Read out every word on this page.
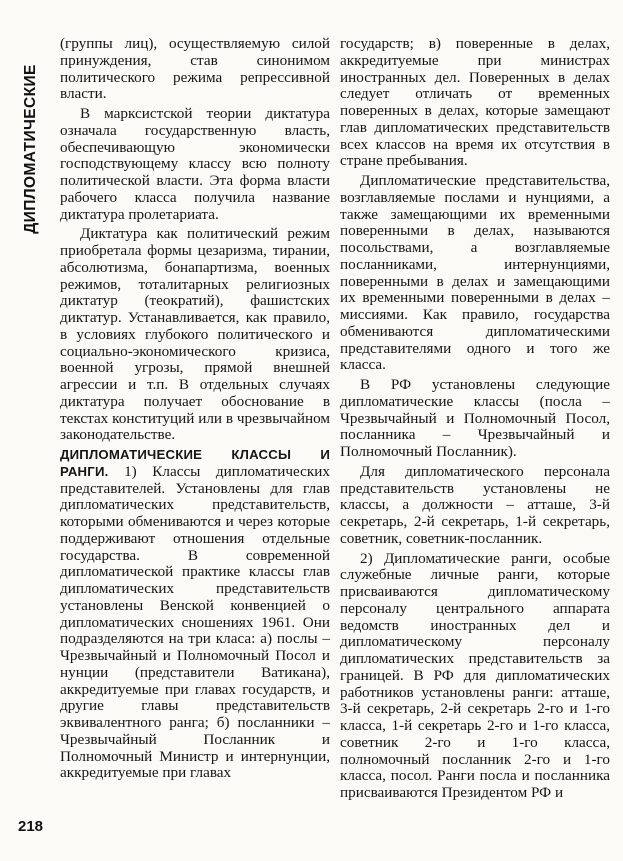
ДИПЛОМАТИЧЕСКИЕ

(группы лиц), осуществляемую силой принуждения, став синонимом политического режима репрессивной власти.

В марксистской теории диктатура означала государственную власть, обеспечивающую экономически господствующему классу всю полноту политической власти. Эта форма власти рабочего класса получила название диктатура пролетариата.

Диктатура как политический режим приобретала формы цезаризма, тирании, абсолютизма, бонапартизма, военных режимов, тоталитарных религиозных диктатур (теократий), фашистских диктатур. Устанавливается, как правило, в условиях глубокого политического и социально-экономического кризиса, военной угрозы, прямой внешней агрессии и т.п. В отдельных случаях диктатура получает обоснование в текстах конституций или в чрезвычайном законодательстве.

ДИПЛОМАТИЧЕСКИЕ КЛАССЫ И РАНГИ. 1) Классы дипломатических представителей. Установлены для глав дипломатических представительств, которыми обмениваются и через которые поддерживают отношения отдельные государства. В современной дипломатической практике классы глав дипломатических представительств установлены Венской конвенцией о дипломатических сношениях 1961. Они подразделяются на три класа: а) послы – Чрезвычайный и Полномочный Посол и нунции (представители Ватикана), аккредитуемые при главах государств, и другие главы представительств эквивалентного ранга; б) посланники – Чрезвычайный Посланник и Полномочный Министр и интернунции, аккредитуемые при главах

государств; в) поверенные в делах, аккредитуемые при министрах иностранных дел. Поверенных в делах следует отличать от временных поверенных в делах, которые замещают глав дипломатических представительств всех классов на время их отсутствия в стране пребывания.

Дипломатические представительства, возглавляемые послами и нунциями, а также замещающими их временными поверенными в делах, называются посольствами, а возглавляемые посланниками, интернунциями, поверенными в делах и замещающими их временными поверенными в делах – миссиями. Как правило, государства обмениваются дипломатическими представителями одного и того же класса.

В РФ установлены следующие дипломатические классы (посла – Чрезвычайный и Полномочный Посол, посланника – Чрезвычайный и Полномочный Посланник).

Для дипломатического персонала представительств установлены не классы, а должности – атташе, 3-й секретарь, 2-й секретарь, 1-й секретарь, советник, советник-посланник.

2) Дипломатические ранги, особые служебные личные ранги, которые присваиваются дипломатическому персоналу центрального аппарата ведомств иностранных дел и дипломатическому персоналу дипломатических представительств за границей. В РФ для дипломатических работников установлены ранги: атташе, 3-й секретарь, 2-й секретарь 2-го и 1-го класса, 1-й секретарь 2-го и 1-го класса, советник 2-го и 1-го класса, полномочный посланник 2-го и 1-го класса, посол. Ранги посла и посланника присваиваются Президентом РФ и

218
